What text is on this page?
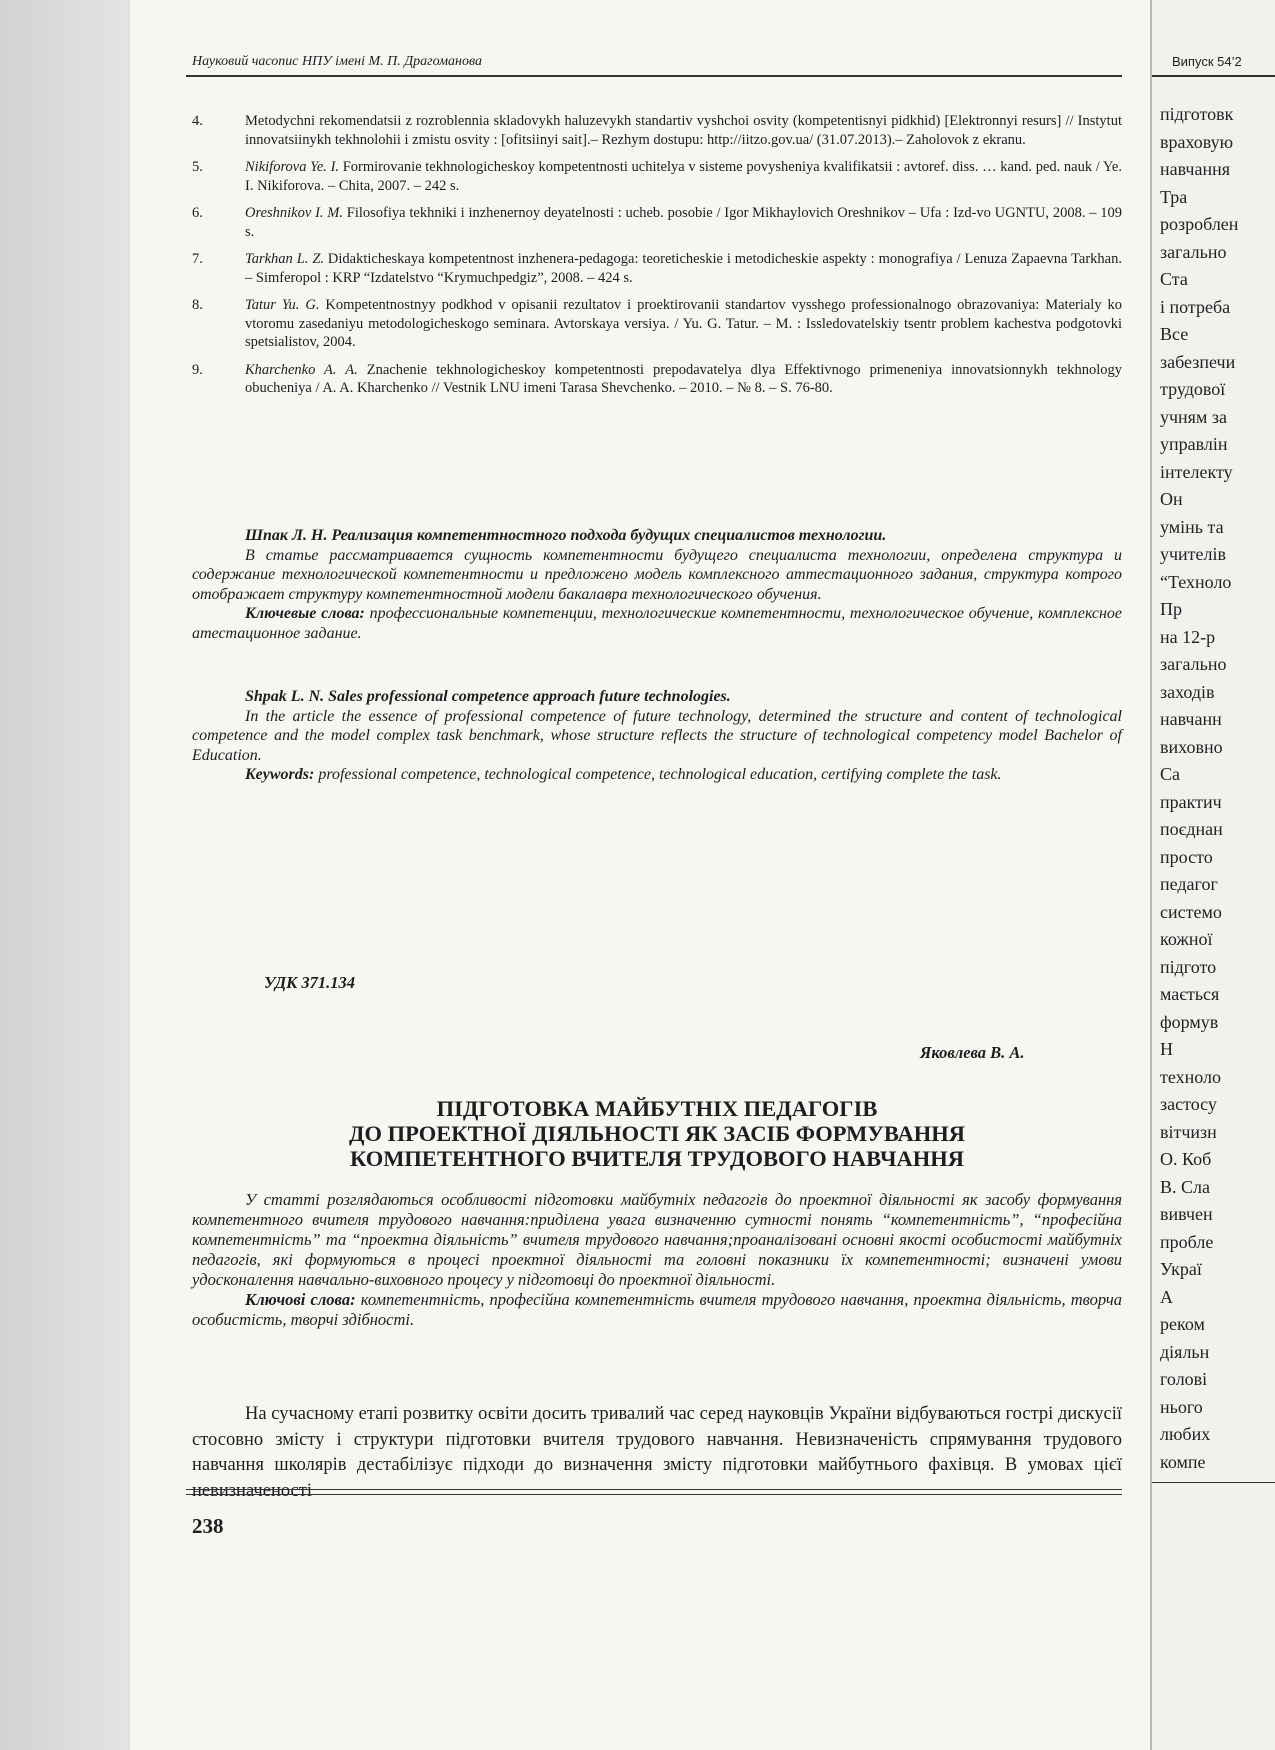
Науковий часопис НПУ імені М. П. Драгоманова
4.	Metodychni rekomendatsii z rozroblennia skladovykh haluzevykh standartiv vyshchoi osvity (kompetentisnyi pidkhid) [Elektronnyi resurs] // Instytut innovatsiinykh tekhnolohii i zmistu osvity : [ofitsiinyi sait].– Rezhym dostupu: http://iitzo.gov.ua/ (31.07.2013).– Zaholovok z ekranu.
5.	Nikiforova Ye. I. Formirovanie tekhnologicheskoy kompetentnosti uchitelya v sisteme povysheniya kvalifikatsii : avtoref. diss. … kand. ped. nauk / Ye. I. Nikiforova. – Chita, 2007. – 242 s.
6.	Oreshnikov I. M. Filosofiya tekhniki i inzhenernoy deyatelnosti : ucheb. posobie / Igor Mikhaylovich Oreshnikov – Ufa : Izd-vo UGNTU, 2008. – 109 s.
7.	Tarkhan L. Z. Didakticheskaya kompetentnost inzhenera-pedagoga: teoreticheskie i metodicheskie aspekty : monografiya / Lenuza Zapaevna Tarkhan. – Simferopol : KRP “Izdatelstvo “Krymuchpedgiz”, 2008. – 424 s.
8.	Tatur Yu. G. Kompetentnostnyy podkhod v opisanii rezultatov i proektirovanii standartov vysshego professionalnogo obrazovaniya: Materialy ko vtoromu zasedaniyu metodologicheskogo seminara. Avtorskaya versiya. / Yu. G. Tatur. – M. : Issledovatelskiy tsentr problem kachestva podgotovki spetsialistov, 2004.
9.	Kharchenko A. A. Znachenie tekhnologicheskoy kompetentnosti prepodavatelya dlya Effektivnogo primeneniya innovatsionnykh tekhnology obucheniya / A. A. Kharchenko // Vestnik LNU imeni Tarasa Shevchenko. – 2010. – № 8. – S. 76-80.

Шпак Л. Н. Реализация компетентностного подхода будущих специалистов технологии.

В статье рассматривается сущность компетентности будущего специалиста технологии, определена структура и содержание технологической компетентности и предложено модель комплексного аттестационного задания, структура котрого отображает структуру компетентностной модели бакалавра технологического обучения.

Ключевые слова: профессиональные компетенции, технологические компетентности, технологическое обучение, комплексное атестационное задание.

Shpak L. N. Sales professional competence approach future technologies.

In the article the essence of professional competence of future technology, determined the structure and content of technological competence and the model complex task benchmark, whose structure reflects the structure of technological competency model Bachelor of Education.

Keywords: professional competence, technological competence, technological education, certifying complete the task.

УДК 371.134
Яковлева В. А.
ПІДГОТОВКА МАЙБУТНІХ ПЕДАГОГІВ
ДО ПРОЕКТНОЇ ДІЯЛЬНОСТІ ЯК ЗАСІБ ФОРМУВАННЯ
КОМПЕТЕНТНОГО ВЧИТЕЛЯ ТРУДОВОГО НАВЧАННЯ

У статті розглядаються особливості підготовки майбутніх педагогів до проектної діяльності як засобу формування компетентного вчителя трудового навчання:приділена увага визначенню сутності понять “компетентність”, “професійна компетентність” та “проектна діяльність” вчителя трудового навчання;проаналізовані основні якості особистості майбутніх педагогів, які формуються в процесі проектної діяльності та головні показники їх компетентності; визначені умови удосконалення навчально-виховного процесу у підготовці до проектної діяльності.

Ключові слова: компетентність, професійна компетентність вчителя трудового навчання, проектна діяльність, творча особистість, творчі здібності.

На сучасному етапі розвитку освіти досить тривалий час серед науковців України відбуваються гострі дискусії стосовно змісту і структури підготовки вчителя трудового навчання. Невизначеність спрямування трудового навчання школярів дестабілізує підходи до визначення змісту підготовки майбутнього фахівця. В умовах цієї невизначеності

238
Випуск 54’2
підготовк
враховую
навчання
Тра
розроблен
загально
Ста
і потреба
Все
забезпечи
трудової
учням за
управлін
інтелекту
Он
умінь та
учителів
“Техноло
Пр
на 12-р
загально
заходів
навчанн
виховно
Са
практич
поєднан
просто
педагог
системо
кожної
підгото
мається
формув
Н
техноло
застосу
вітчизн
О. Коб
В. Сла
вивчен
пробле
Украї
А
реком
діяльн
голові
нього
любих
компе
